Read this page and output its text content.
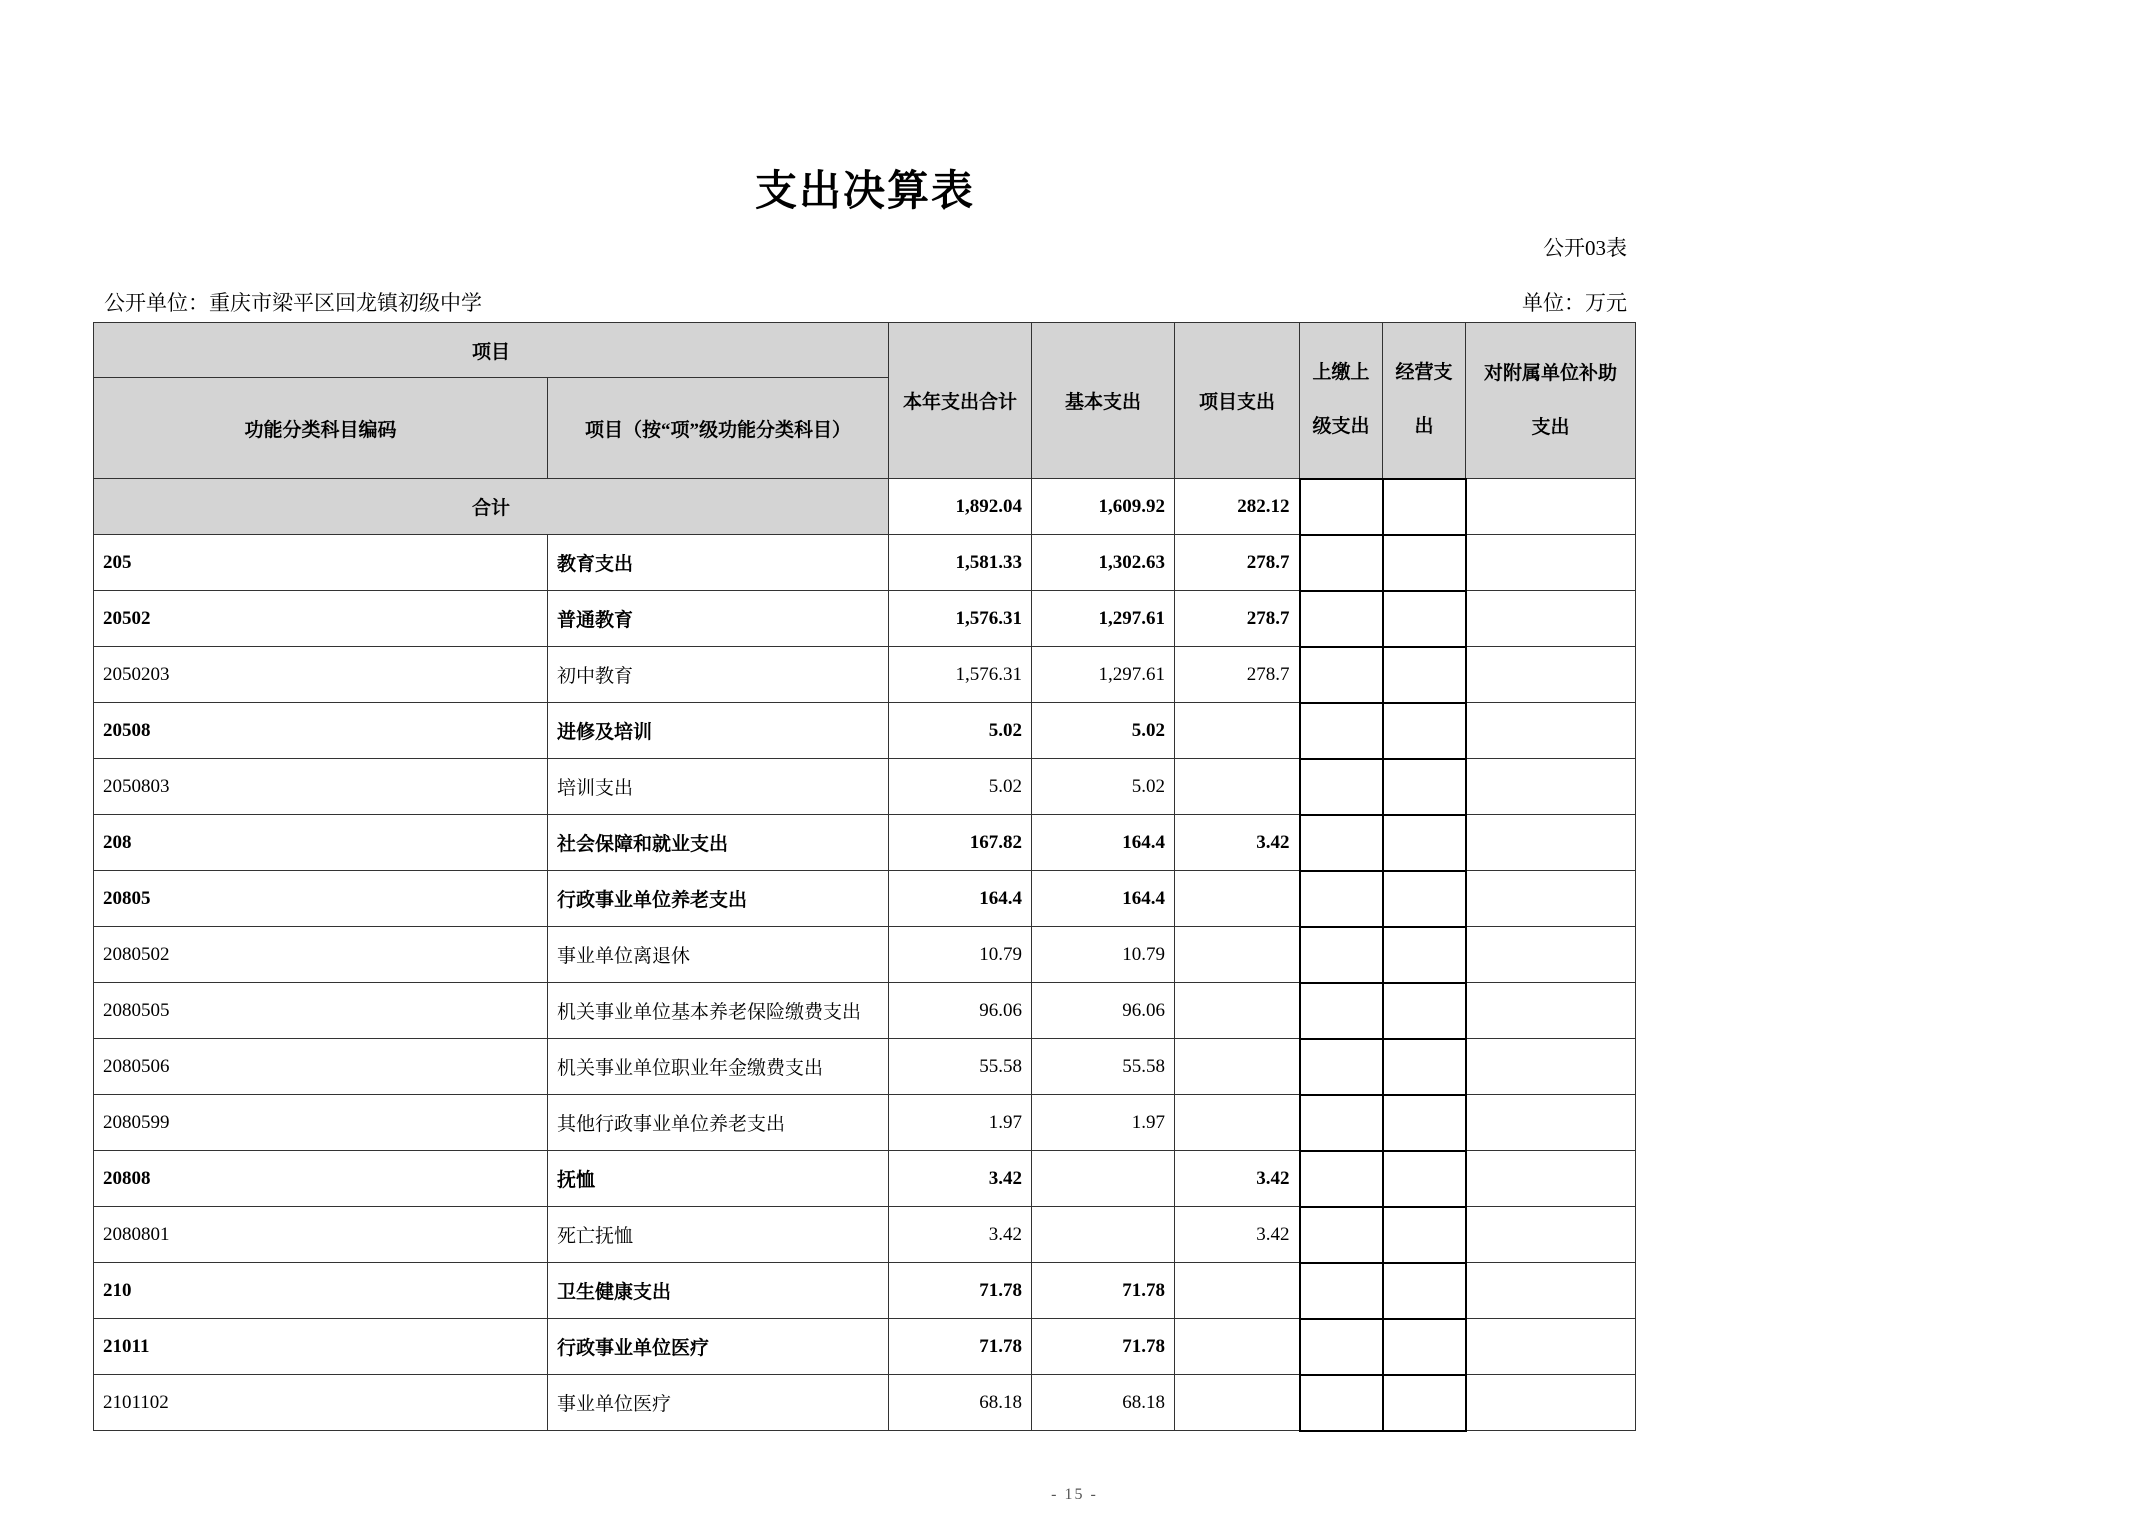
支出决算表
公开03表
公开单位：重庆市梁平区回龙镇初级中学	单位：万元
项目		本年支出合计	基本支出	项目支出	上缴上级支出	经营支出	对附属单位补助支出
功能分类科目编码	项目（按“项”级功能分类科目）						
合计		1,892.04	1,609.92	282.12			
205	教育支出	1,581.33	1,302.63	278.7			
20502	普通教育	1,576.31	1,297.61	278.7			
2050203	初中教育	1,576.31	1,297.61	278.7			
20508	进修及培训	5.02	5.02				
2050803	培训支出	5.02	5.02				
208	社会保障和就业支出	167.82	164.4	3.42			
20805	行政事业单位养老支出	164.4	164.4				
2080502	事业单位离退休	10.79	10.79				
2080505	机关事业单位基本养老保险缴费支出	96.06	96.06				
2080506	机关事业单位职业年金缴费支出	55.58	55.58				
2080599	其他行政事业单位养老支出	1.97	1.97				
20808	抚恤	3.42		3.42			
2080801	死亡抚恤	3.42		3.42			
210	卫生健康支出	71.78	71.78				
21011	行政事业单位医疗	71.78	71.78				
2101102	事业单位医疗	68.18	68.18				
- 15 -
